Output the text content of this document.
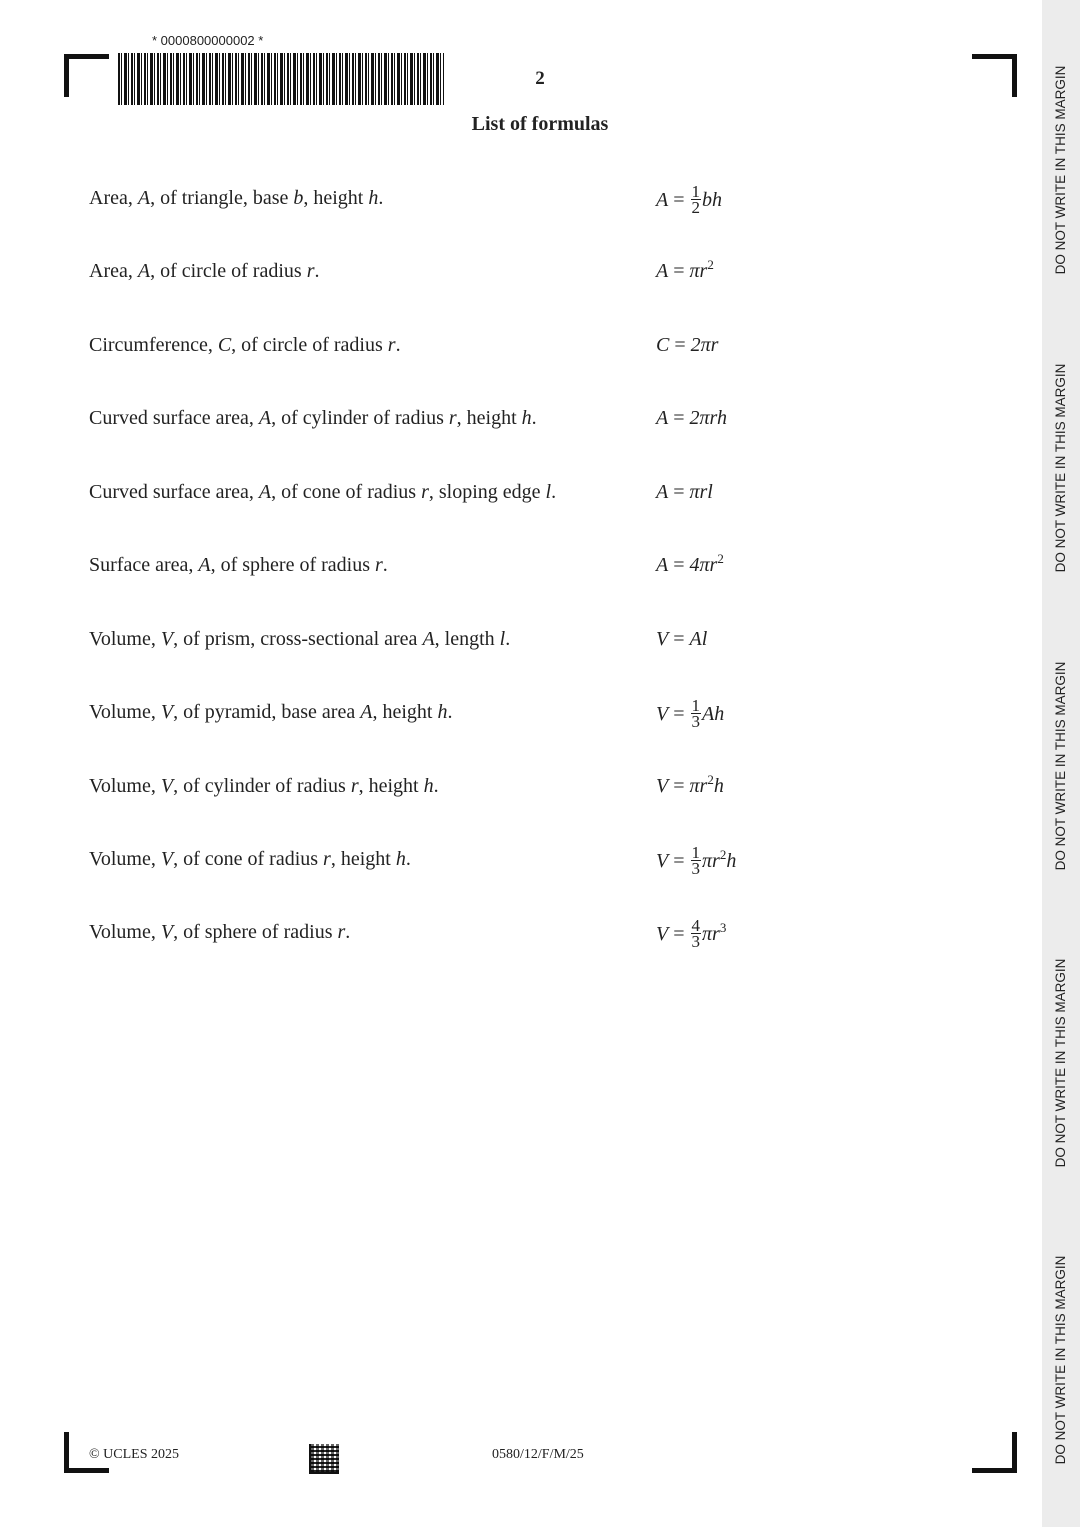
DO NOT WRITE IN THIS MARGIN
DO NOT WRITE IN THIS MARGIN
DO NOT WRITE IN THIS MARGIN
DO NOT WRITE IN THIS MARGIN
DO NOT WRITE IN THIS MARGIN
* 0000800000002 *
2
List of formulas
Area, A, of triangle, base b, height h.	$A = \frac{1}{2}$ bh
Area, A, of circle of radius r.	$A = \pi r^2$
Circumference, C, of circle of radius r.	C = 2πr
Curved surface area, A, of cylinder of radius r, height h.	A = 2πrh
Curved surface area, A, of cone of radius r, sloping edge l.	A = πrl
Surface area, A, of sphere of radius r.	$A = 4\pi r^2$
Volume, V, of prism, cross-sectional area A, length l.	V = Al
Volume, V, of pyramid, base area A, height h.	$V = \frac{1}{3}$ Ah
Volume, V, of cylinder of radius r, height h.	$V = \pi r^2h$
Volume, V, of cone of radius r, height h.	$V = \frac{1}{3} \pi r^2h$
Volume, V, of sphere of radius r.	$V = \frac{4}{3} \pi r^3$
© UCLES 2025	0580/12/F/M/25
